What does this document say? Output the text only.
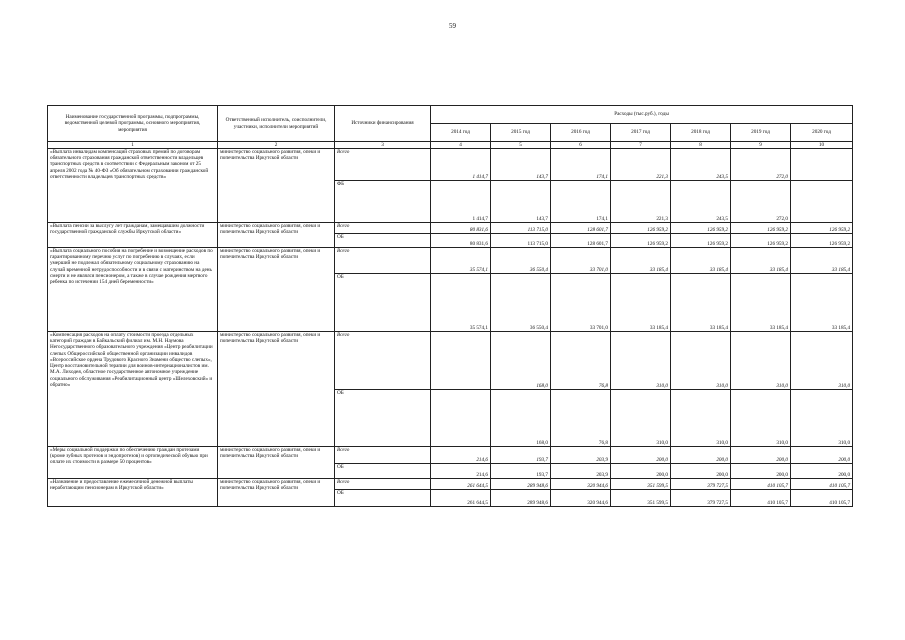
59
Наименование государственной программы, подпрограммы, ведомственной целевой программы, основного мероприятия, мероприятия	Ответственный исполнитель, соисполнители, участники, исполнители мероприятий	Источники финансирования	Расходы (тыс.руб.), годы						
			2014 год	2015 год	2016 год	2017 год	2018 год	2019 год	2020 год
1	2	3	4	5	6	7	8	9	10
«Выплата инвалидам компенсаций страховых премий по договорам обязательного страхования гражданской ответственности владельцев транспортных средств в соответствии с Федеральным законом от 25 апреля 2002 года № 40-ФЗ «Об обязательном страховании гражданской ответственности владельцев транспортных средств»	министерство социального развития, опеки и попечительства Иркутской области	Всего	1 414,7	143,7	174,1	221,3	243,5	272,0	
		ФБ	1 414,7	143,7	174,1	221,3	243,5	272,0	
«Выплата пенсии за выслугу лет гражданам, замещавшим должности государственной гражданской службы Иркутской области»	министерство социального развития, опеки и попечительства Иркутской области	Всего	80 831,6	113 715,0	128 601,7	126 959,2	126 959,2	126 959,2	126 959,2
		ОБ	80 831,6	113 715,0	128 601,7	126 959,2	126 959,2	126 959,2	126 959,2
«Выплата социального пособия на погребение и возмещение расходов по гарантированному перечню услуг по погребению в случаях, если умерший не подлежал обязательному социальному страхованию на случай временной нетрудоспособности и в связи с материнством на день смерти и не являлся пенсионером, а также в случае рождения мертвого ребенка по истечении 154 дней беременности»	министерство социального развития, опеки и попечительства Иркутской области	Всего	35 574,1	36 550,4	33 701,0	33 185,4	33 185,4	33 185,4	33 185,4
		ОБ	35 574,1	36 550,4	33 701,0	33 185,4	33 185,4	33 185,4	33 185,4
«Компенсация расходов на оплату стоимости проезда отдельных категорий граждан в Байкальский филиал им. М.Н. Наумова Негосударственного образовательного учреждения «Центр реабилитации слепых Общероссийской общественной организации инвалидов «Всероссийское ордена Трудового Красного Знамени общество слепых», Центр восстановительной терапии для воинов-интернационалистов им. М.А. Лиходея, областное государственное автономное учреждение социального обслуживания «Реабилитационный центр «Шелеховский» и обратно»	министерство социального развития, опеки и попечительства Иркутской области	Всего		168,0	76,8	310,0	310,0	310,0	310,0
		ОБ		168,0	76,8	310,0	310,0	310,0	310,0
«Меры социальной поддержки по обеспечению граждан протезами (кроме зубных протезов и эндопротезов) и ортопедической обувью при оплате их стоимости в размере 50 процентов»	министерство социального развития, опеки и попечительства Иркутской области	Всего	214,6	193,7	203,9	200,0	200,0	200,0	200,0
		ОБ	214,6	193,7	203,9	200,0	200,0	200,0	200,0
«Назначение и предоставление ежемесячной денежной выплаты неработающим пенсионерам в Иркутской области»	министерство социального развития, опеки и попечительства Иркутской области	Всего	261 644,5	289 948,6	320 944,6	351 599,5	379 727,5	410 105,7	410 105,7
		ОБ	261 644,5	289 948,6	320 944,6	351 599,5	379 727,5	410 105,7	410 105,7
